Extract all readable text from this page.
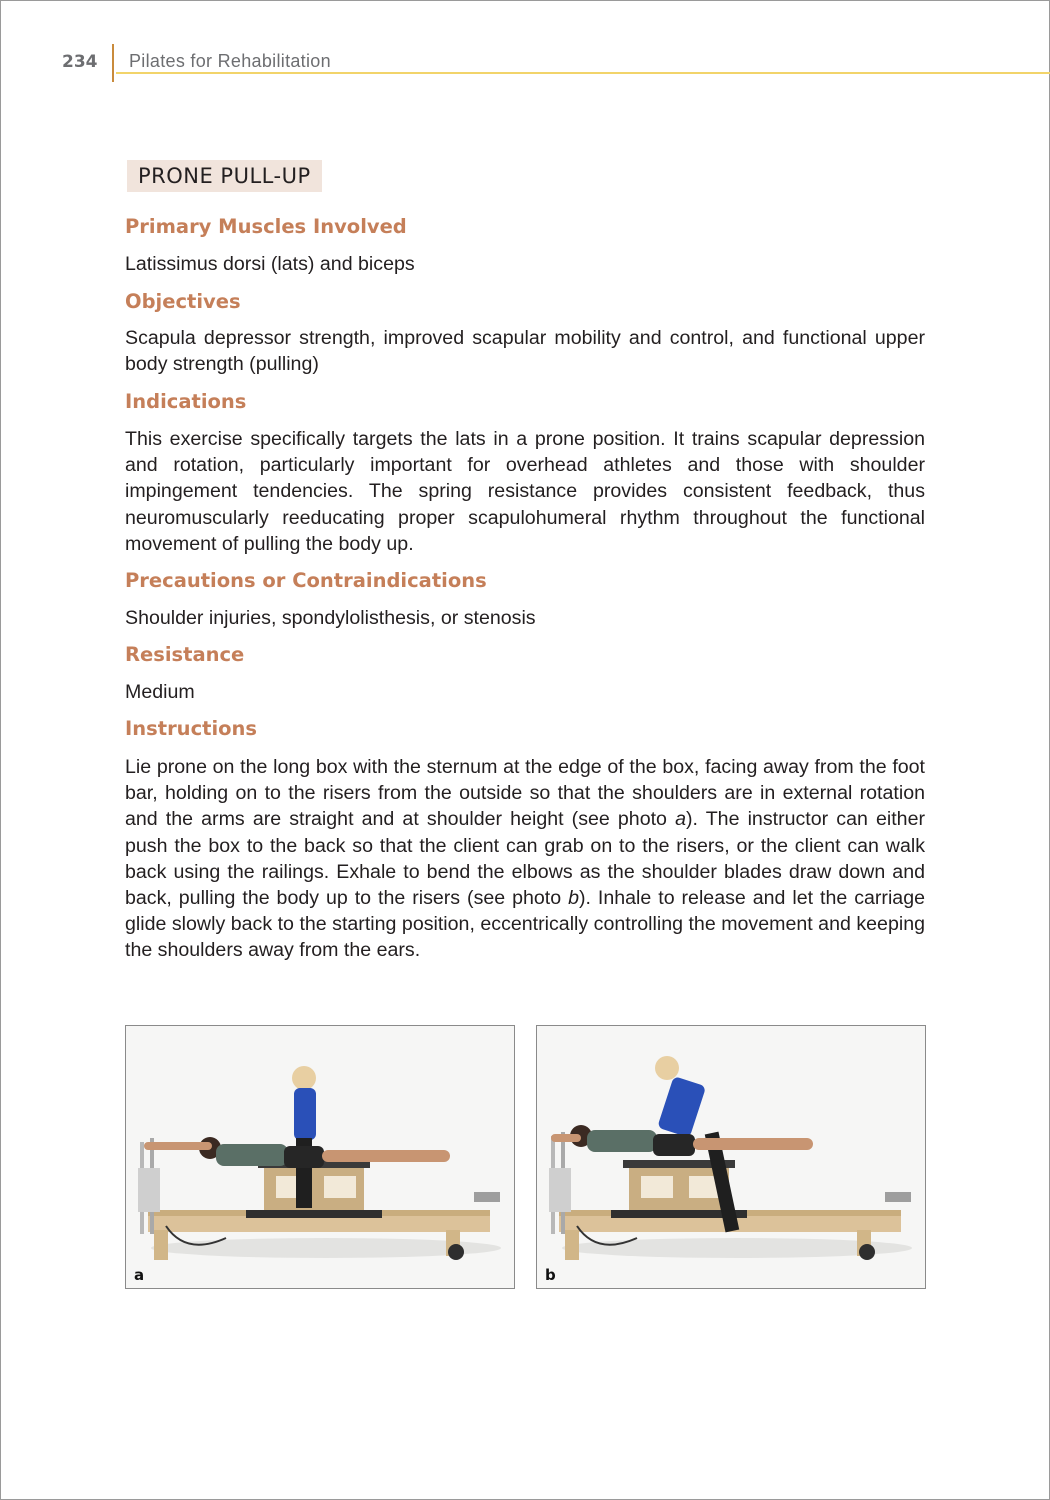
234 Pilates for Rehabilitation
PRONE PULL-UP
Primary Muscles Involved
Latissimus dorsi (lats) and biceps
Objectives
Scapula depressor strength, improved scapular mobility and control, and functional upper body strength (pulling)
Indications
This exercise specifically targets the lats in a prone position. It trains scapular depression and rotation, particularly important for overhead athletes and those with shoulder impingement tendencies. The spring resistance provides consistent feedback, thus neuromuscularly reeducating proper scapulohumeral rhythm throughout the functional movement of pulling the body up.
Precautions or Contraindications
Shoulder injuries, spondylolisthesis, or stenosis
Resistance
Medium
Instructions
Lie prone on the long box with the sternum at the edge of the box, facing away from the foot bar, holding on to the risers from the outside so that the shoulders are in external rotation and the arms are straight and at shoulder height (see photo a). The instructor can either push the box to the back so that the client can grab on to the risers, or the client can walk back using the railings. Exhale to bend the elbows as the shoulder blades draw down and back, pulling the body up to the risers (see photo b). Inhale to release and let the carriage glide slowly back to the starting position, eccentrically controlling the movement and keeping the shoulders away from the ears.
a	b
